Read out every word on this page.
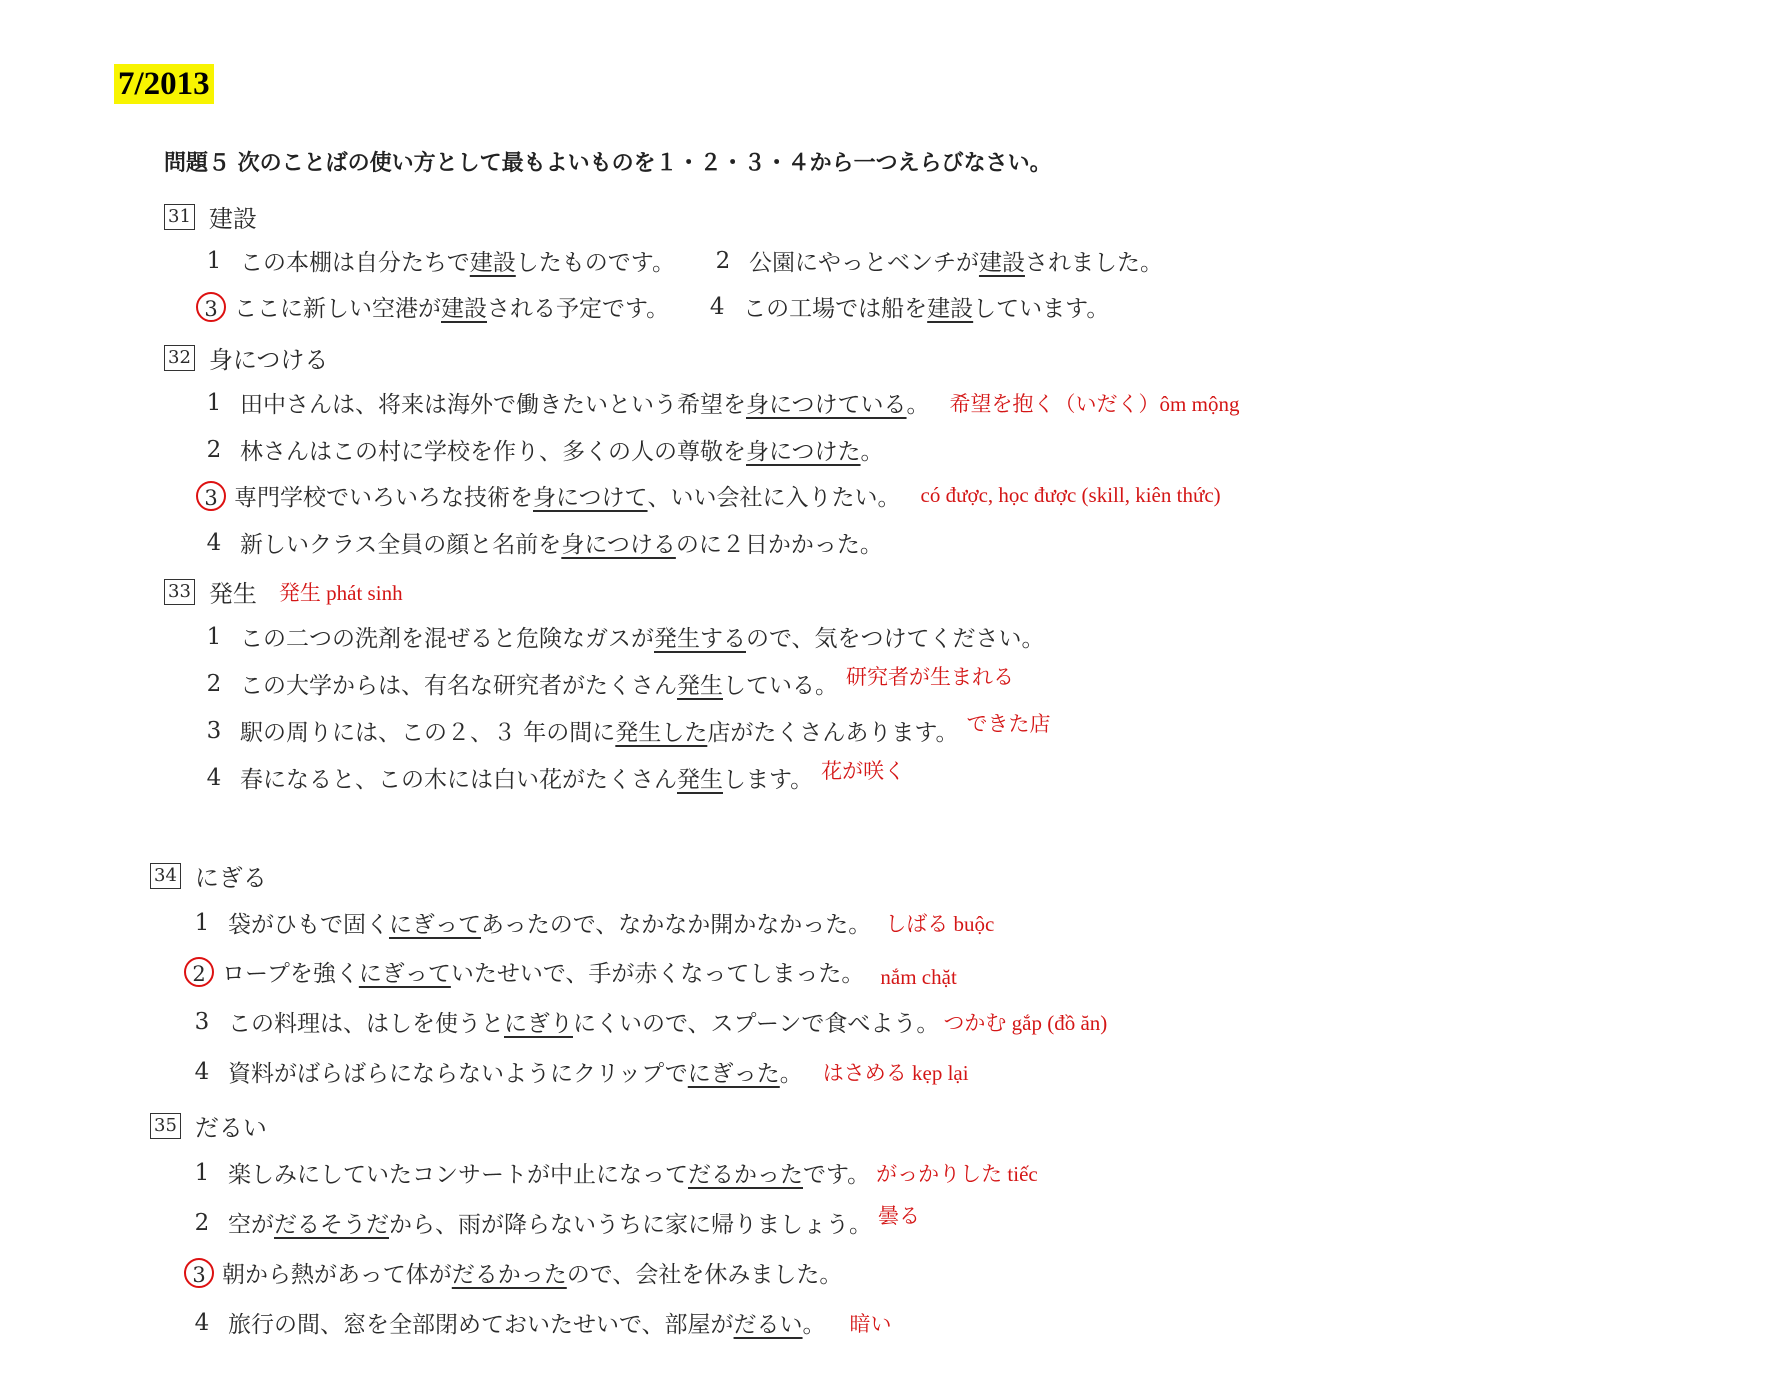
7/2013
問題５ 次のことばの使い方として最もよいものを１・２・３・４から一つえらびなさい。
31 建設
1 この本棚は自分たちで 建設 したものです。 2 公園にやっとベンチが 建設 されました。
3 ここに新しい空港が 建設 される予定です。 4 この工場では船を 建設 しています。
32 身につける
1 田中さんは、将来は海外で働きたいという希望を 身につけている 。 希望を抱く（いだく）ôm mộng
2 林さんはこの村に学校を作り、多くの人の尊敬を 身につけた 。
3 専門学校でいろいろな技術を 身につけて 、いい会社に入りたい。 có được, học được (skill, kiên thức)
4 新しいクラス全員の顔と名前を 身につける のに２日かかった。
33 発生 発生 phát sinh
1 この二つの洗剤を混ぜると危険なガスが 発生する ので、気をつけてください。
2 この大学からは、有名な研究者がたくさん 発生 している。 研究者が生まれる
3 駅の周りには、この２、３ 年の間に 発生した 店がたくさんあります。 できた店
4 春になると、この木には白い花がたくさん 発生 します。 花が咲く
34 にぎる
1 袋がひもで固く にぎって あったので、なかなか開かなかった。 しばる buộc
2 ロープを強く にぎって いたせいで、手が赤くなってしまった。 nắm chặt
3 この料理は、はしを使うと にぎり にくいので、スプーンで食べよう。 つかむ gắp (đồ ăn)
4 資料がばらばらにならないようにクリップで にぎった 。 はさめる kẹp lại
35 だるい
1 楽しみにしていたコンサートが中止になって だるかった です。 がっかりした tiếc
2 空が だるそうだ から、雨が降らないうちに家に帰りましょう。 曇る
3 朝から熱があって体が だるかった ので、会社を休みました。
4 旅行の間、窓を全部閉めておいたせいで、部屋が だるい 。 暗い
